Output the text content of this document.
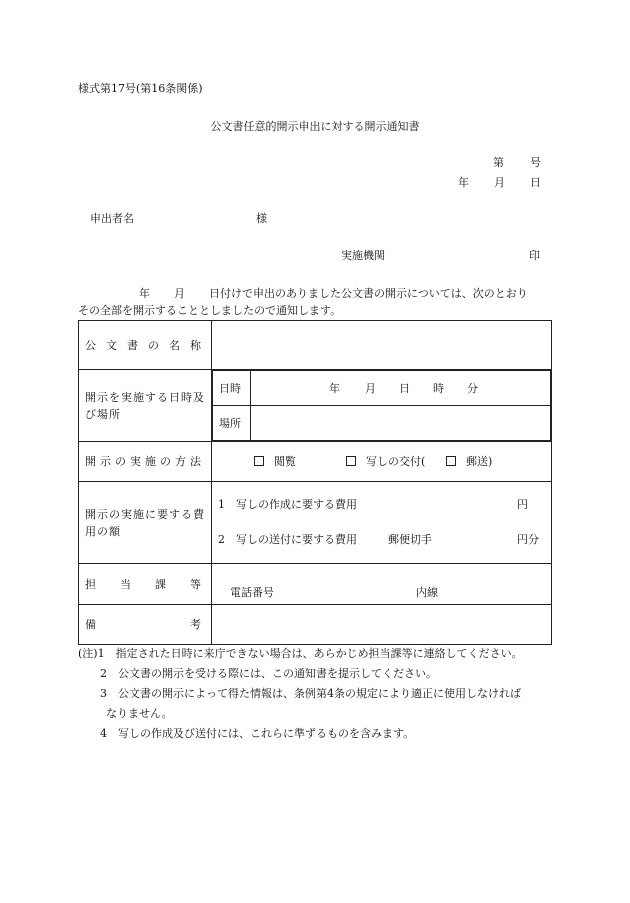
様式第17号(第16条関係)
公文書任意的開示申出に対する開示通知書
第 号
年 月 日
申出者名	様
実施機関	印
年 月 日付けで申出のありました公文書の開示については、次のとおり
その全部を開示することとしましたので通知します。
公 文 書 の 名 称

開示を実施する日時及び場所

日時	年 月 日 時 分

場所	

開 示 の 実 施 の 方 法	閲覧	写しの交付(	郵送)

開示の実施に要する費用の額

1 写しの作成に要する費用	円
2 写しの送付に要する費用	郵便切手	円分

担 当 課 等

電話番号	内線

備	考

(注)1　指定された日時に来庁できない場合は、あらかじめ担当課等に連絡してください。
2　公文書の開示を受ける際には、この通知書を提示してください。
3　公文書の開示によって得た情報は、条例第4条の規定により適正に使用しなければ
なりません。
4　写しの作成及び送付には、これらに準ずるものを含みます。
